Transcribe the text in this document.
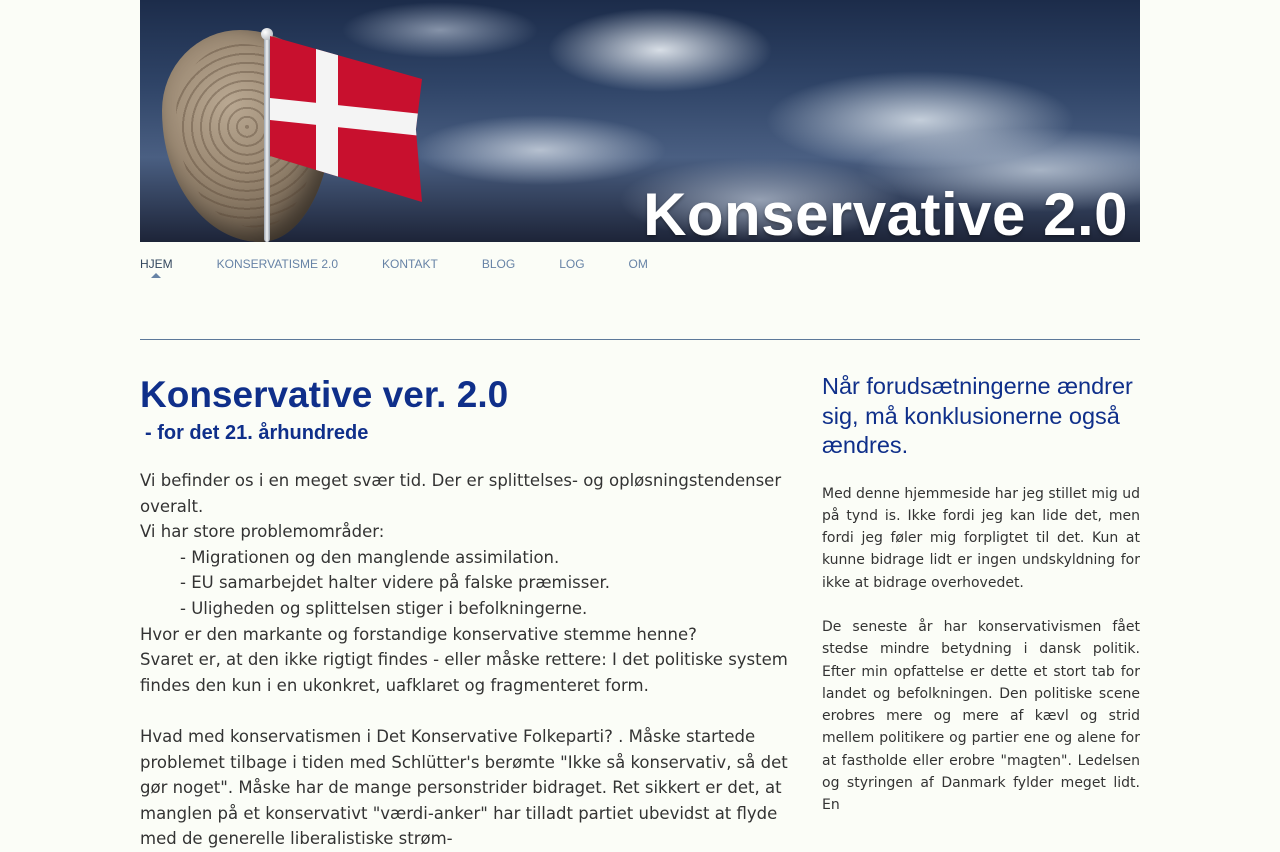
Konservative 2.0
HJEM	KONSERVATISME 2.0	KONTAKT	BLOG	LOG	OM
Konservative ver. 2.0
- for det 21. århundrede

Vi befinder os i en meget svær tid. Der er splittelses- og opløsningstendenser overalt.

Vi har store problemområder:

- Migrationen og den manglende assimilation.

- EU samarbejdet halter videre på falske præmisser.

- Uligheden og splittelsen stiger i befolkningerne.

Hvor er den markante og forstandige konservative stemme henne?

Svaret er, at den ikke rigtigt findes - eller måske rettere: I det politiske system findes den kun i en ukonkret, uafklaret og fragmenteret form.

Hvad med konservatismen i Det Konservative Folkeparti? . Måske startede problemet tilbage i tiden med Schlütter's berømte "Ikke så konservativ, så det gør noget". Måske har de mange personstrider bidraget. Ret sikkert er det, at manglen på et konservativt "værdi-anker" har tilladt partiet ubevidst at flyde med de generelle liberalistiske strøm-

Når forudsætningerne ændrer sig, må konklusionerne også ændres.

Med denne hjemmeside har jeg stillet mig ud på tynd is. Ikke fordi jeg kan lide det, men fordi jeg føler mig forpligtet til det. Kun at kunne bidrage lidt er ingen undskyldning for ikke at bidrage overhovedet.

De seneste år har konservativismen fået stedse mindre betydning i dansk politik. Efter min opfattelse er dette et stort tab for landet og befolkningen. Den politiske scene erobres mere og mere af kævl og strid mellem politikere og partier ene og alene for at fastholde eller erobre "magten". Ledelsen og styringen af Danmark fylder meget lidt. En
